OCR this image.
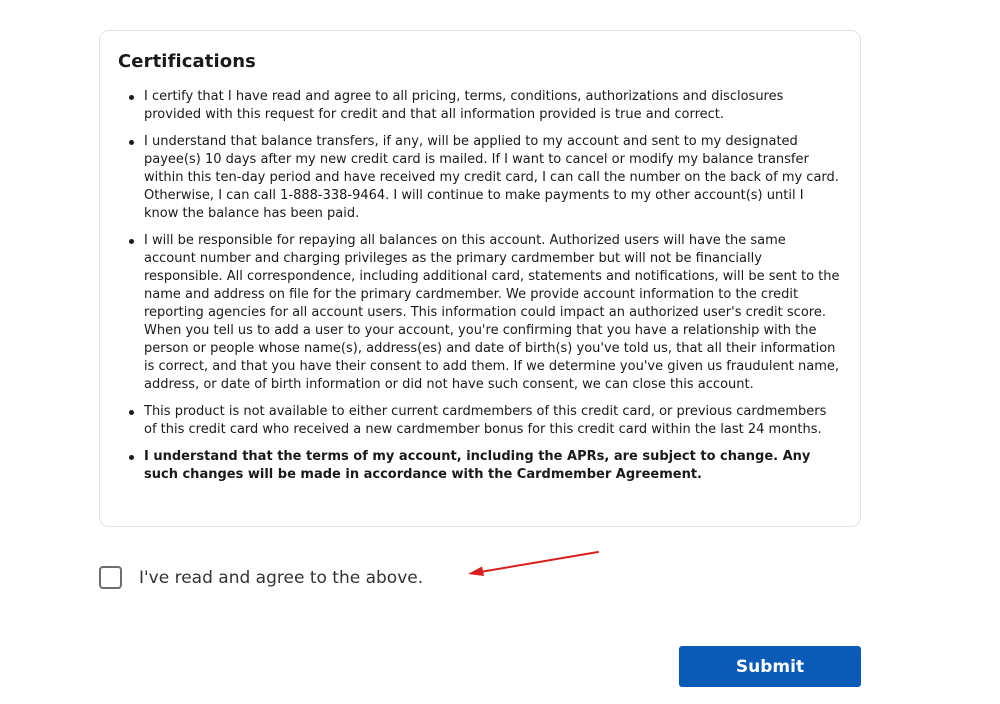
Certifications
I certify that I have read and agree to all pricing, terms, conditions, authorizations and disclosures provided with this request for credit and that all information provided is true and correct.
I understand that balance transfers, if any, will be applied to my account and sent to my designated payee(s) 10 days after my new credit card is mailed. If I want to cancel or modify my balance transfer within this ten-day period and have received my credit card, I can call the number on the back of my card. Otherwise, I can call 1-888-338-9464. I will continue to make payments to my other account(s) until I know the balance has been paid.
I will be responsible for repaying all balances on this account. Authorized users will have the same account number and charging privileges as the primary cardmember but will not be financially responsible. All correspondence, including additional card, statements and notifications, will be sent to the name and address on file for the primary cardmember. We provide account information to the credit reporting agencies for all account users. This information could impact an authorized user's credit score. When you tell us to add a user to your account, you're confirming that you have a relationship with the person or people whose name(s), address(es) and date of birth(s) you've told us, that all their information is correct, and that you have their consent to add them. If we determine you've given us fraudulent name, address, or date of birth information or did not have such consent, we can close this account.
This product is not available to either current cardmembers of this credit card, or previous cardmembers of this credit card who received a new cardmember bonus for this credit card within the last 24 months.
I understand that the terms of my account, including the APRs, are subject to change. Any such changes will be made in accordance with the Cardmember Agreement.
I've read and agree to the above.
Submit
